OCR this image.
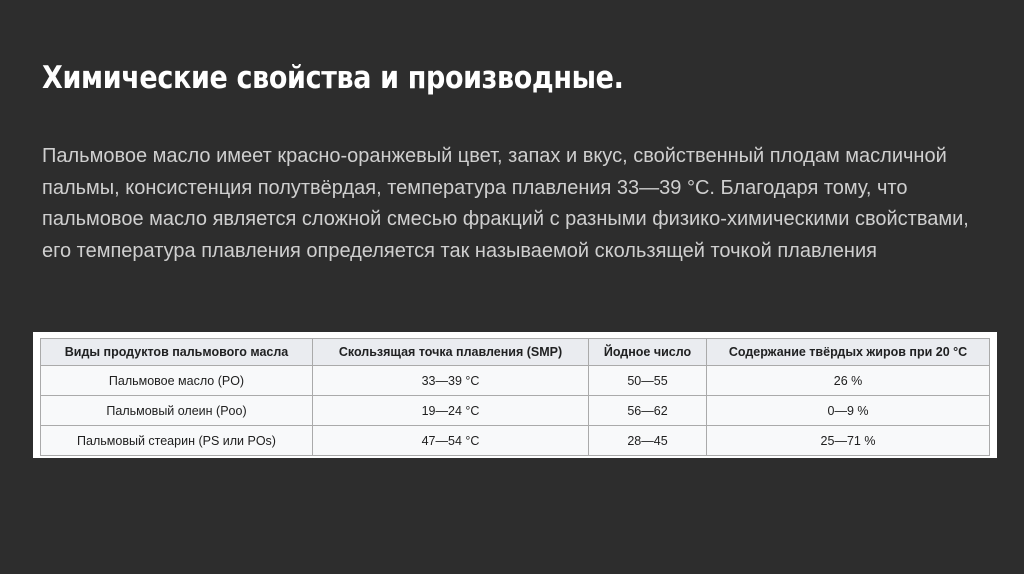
Химические свойства и производные.

Пальмовое масло имеет красно-оранжевый цвет, запах и вкус, свойственный плодам масличной пальмы, консистенция полутвёрдая, температура плавления 33—39 °C. Благодаря тому, что пальмовое масло является сложной смесью фракций с разными физико-химическими свойствами, его температура плавления определяется так называемой скользящей точкой плавления

Виды продуктов пальмового масла	Скользящая точка плавления (SMP)	Йодное число	Содержание твёрдых жиров при 20 °C
Пальмовое масло (PO)	33—39 °C	50—55	26 %
Пальмовый олеин (Poo)	19—24 °C	56—62	0—9 %
Пальмовый стеарин (PS или POs)	47—54 °C	28—45	25—71 %
